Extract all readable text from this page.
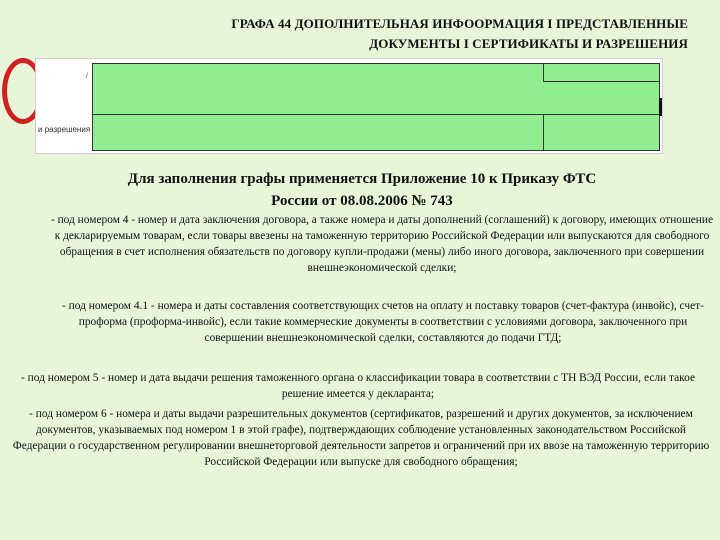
ГРАФА 44 ДОПОЛНИТЕЛЬНАЯ ИНФООРМАЦИЯ I ПРЕДСТАВЛЕННЫЕ
ДОКУМЕНТЫ I СЕРТИФИКАТЫ И РАЗРЕШЕНИЯ
/
и разрешения
Для заполнения графы применяется Приложение 10 к Приказу ФТС
России от 08.08.2006 № 743
- под номером 4 - номер и дата заключения договора, а также номера и даты дополнений (соглашений) к договору, имеющих отношение к декларируемым товарам, если товары ввезены на таможенную территорию Российской Федерации или выпускаются для свободного обращения в счет исполнения обязательств по договору купли-продажи (мены) либо иного договора, заключенного при совершении внешнеэкономической сделки;
- под номером 4.1 - номера и даты составления соответствующих счетов на оплату и поставку товаров (счет-фактура (инвойс), счет-проформа (проформа-инвойс), если такие коммерческие документы в соответствии с условиями договора, заключенного при совершении внешнеэкономической сделки, составляются до подачи ГТД;
- под номером 5 - номер и дата выдачи решения таможенного органа о классификации товара в соответствии с ТН ВЭД России, если такое решение имеется у декларанта;
- под номером 6 - номера и даты выдачи разрешительных документов (сертификатов, разрешений и других документов, за исключением документов, указываемых под номером 1 в этой графе), подтверждающих соблюдение установленных законодательством Российской Федерации о государственном регулировании внешнеторговой деятельности запретов и ограничений при их ввозе на таможенную территорию Российской Федерации или выпуске для свободного обращения;
